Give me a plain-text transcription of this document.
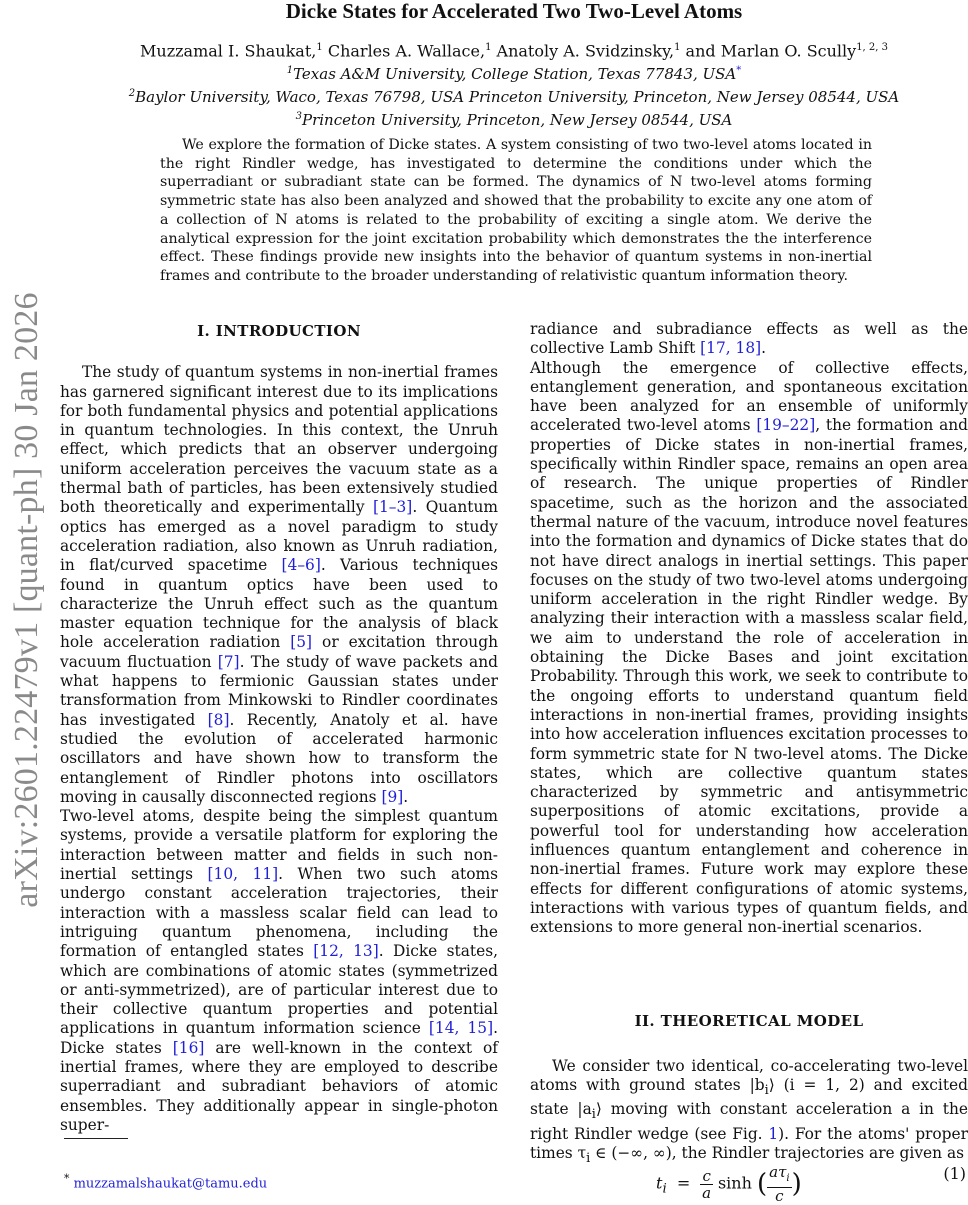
arXiv:2601.22479v1 [quant-ph] 30 Jan 2026
Dicke States for Accelerated Two Two-Level Atoms
Muzzamal I. Shaukat,$^1$ Charles A. Wallace,$^1$ Anatoly A. Svidzinsky,$^1$ and Marlan O. Scully$^{1, 2, 3}$
$^1$Texas A&M University, College Station, Texas 77843, USA*
$^2$Baylor University, Waco, Texas 76798, USA Princeton University, Princeton, New Jersey 08544, USA
$^3$Princeton University, Princeton, New Jersey 08544, USA
We explore the formation of Dicke states. A system consisting of two two-level atoms located in the right Rindler wedge, has investigated to determine the conditions under which the superradiant or subradiant state can be formed. The dynamics of N two-level atoms forming symmetric state has also been analyzed and showed that the probability to excite any one atom of a collection of N atoms is related to the probability of exciting a single atom. We derive the analytical expression for the joint excitation probability which demonstrates the the interference effect. These findings provide new insights into the behavior of quantum systems in non-inertial frames and contribute to the broader understanding of relativistic quantum information theory.
I. INTRODUCTION

The study of quantum systems in non-inertial frames has garnered significant interest due to its implications for both fundamental physics and potential applications in quantum technologies. In this context, the Unruh effect, which predicts that an observer undergoing uniform acceleration perceives the vacuum state as a thermal bath of particles, has been extensively studied both theoretically and experimentally [1–3]. Quantum optics has emerged as a novel paradigm to study acceleration radiation, also known as Unruh radiation, in flat/curved spacetime [4–6]. Various techniques found in quantum optics have been used to characterize the Unruh effect such as the quantum master equation technique for the analysis of black hole acceleration radiation [5] or excitation through vacuum fluctuation [7]. The study of wave packets and what happens to fermionic Gaussian states under transformation from Minkowski to Rindler coordinates has investigated [8]. Recently, Anatoly et al. have studied the evolution of accelerated harmonic oscillators and have shown how to transform the entanglement of Rindler photons into oscillators moving in causally disconnected regions [9].

Two-level atoms, despite being the simplest quantum systems, provide a versatile platform for exploring the interaction between matter and fields in such non-inertial settings [10, 11]. When two such atoms undergo constant acceleration trajectories, their interaction with a massless scalar field can lead to intriguing quantum phenomena, including the formation of entangled states [12, 13]. Dicke states, which are combinations of atomic states (symmetrized or anti-symmetrized), are of particular interest due to their collective quantum properties and potential applications in quantum information science [14, 15]. Dicke states [16] are well-known in the context of inertial frames, where they are employed to describe superradiant and subradiant behaviors of atomic ensembles. They additionally appear in single-photon super-

radiance and subradiance effects as well as the collective Lamb Shift [17, 18].

Although the emergence of collective effects, entanglement generation, and spontaneous excitation have been analyzed for an ensemble of uniformly accelerated two-level atoms [19–22], the formation and properties of Dicke states in non-inertial frames, specifically within Rindler space, remains an open area of research. The unique properties of Rindler spacetime, such as the horizon and the associated thermal nature of the vacuum, introduce novel features into the formation and dynamics of Dicke states that do not have direct analogs in inertial settings. This paper focuses on the study of two two-level atoms undergoing uniform acceleration in the right Rindler wedge. By analyzing their interaction with a massless scalar field, we aim to understand the role of acceleration in obtaining the Dicke Bases and joint excitation Probability. Through this work, we seek to contribute to the ongoing efforts to understand quantum field interactions in non-inertial frames, providing insights into how acceleration influences excitation processes to form symmetric state for N two-level atoms. The Dicke states, which are collective quantum states characterized by symmetric and antisymmetric superpositions of atomic excitations, provide a powerful tool for understanding how acceleration influences quantum entanglement and coherence in non-inertial frames. Future work may explore these effects for different configurations of atomic systems, interactions with various types of quantum fields, and extensions to more general non-inertial scenarios.

II. THEORETICAL MODEL

We consider two identical, co-accelerating two-level atoms with ground states $|b_i⟩$ (i = 1, 2) and excited state $|a_i⟩$ moving with constant acceleration a in the right Rindler wedge (see Fig. 1). For the atoms' proper times $\tau_i$ ∈ (−∞, ∞), the Rindler trajectories are given as

* muzzamalshaukat@tamu.edu	$t_i = \frac{c}{a}$ sinh ( $\frac{a\tau_i}{c}$ )	(1)
